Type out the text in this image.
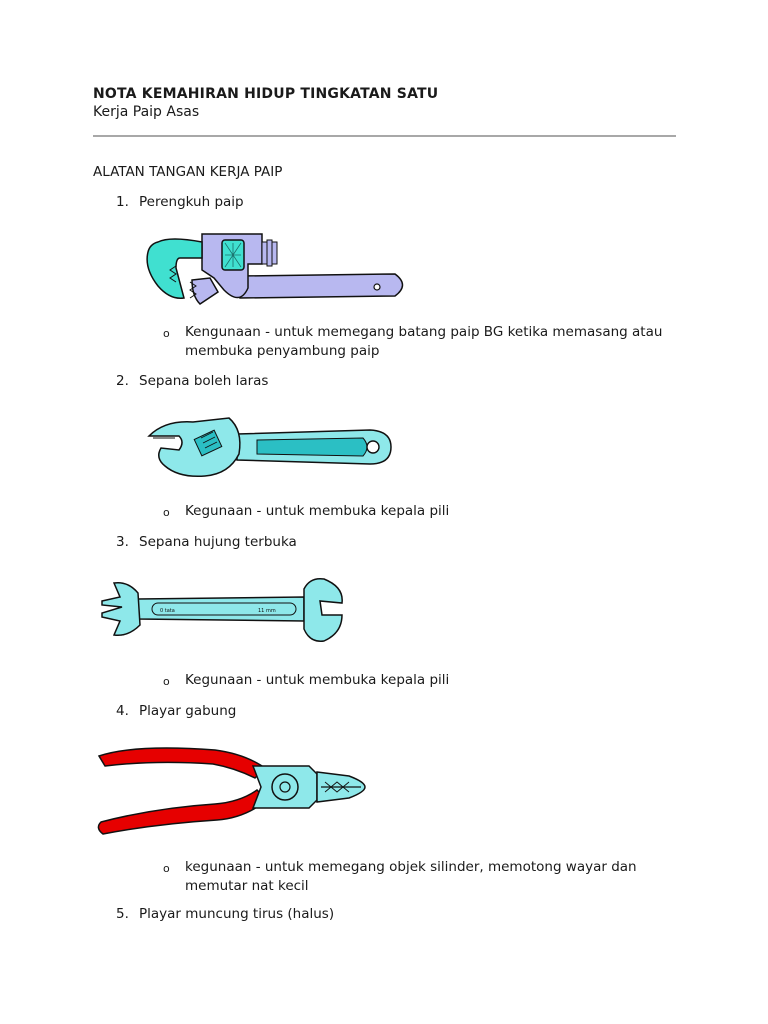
NOTA KEMAHIRAN HIDUP TINGKATAN SATU
Kerja Paip Asas
ALATAN TANGAN KERJA PAIP
1. Perengkuh paip
o Kengunaan - untuk memegang batang paip BG ketika memasang atau membuka penyambung paip
2. Sepana boleh laras
o Kegunaan - untuk membuka kepala pili
3. Sepana hujung terbuka
0 tata	11 mm
o Kegunaan - untuk membuka kepala pili
4. Playar gabung
o kegunaan - untuk memegang objek silinder, memotong wayar dan memutar nat kecil
5. Playar muncung tirus (halus)
